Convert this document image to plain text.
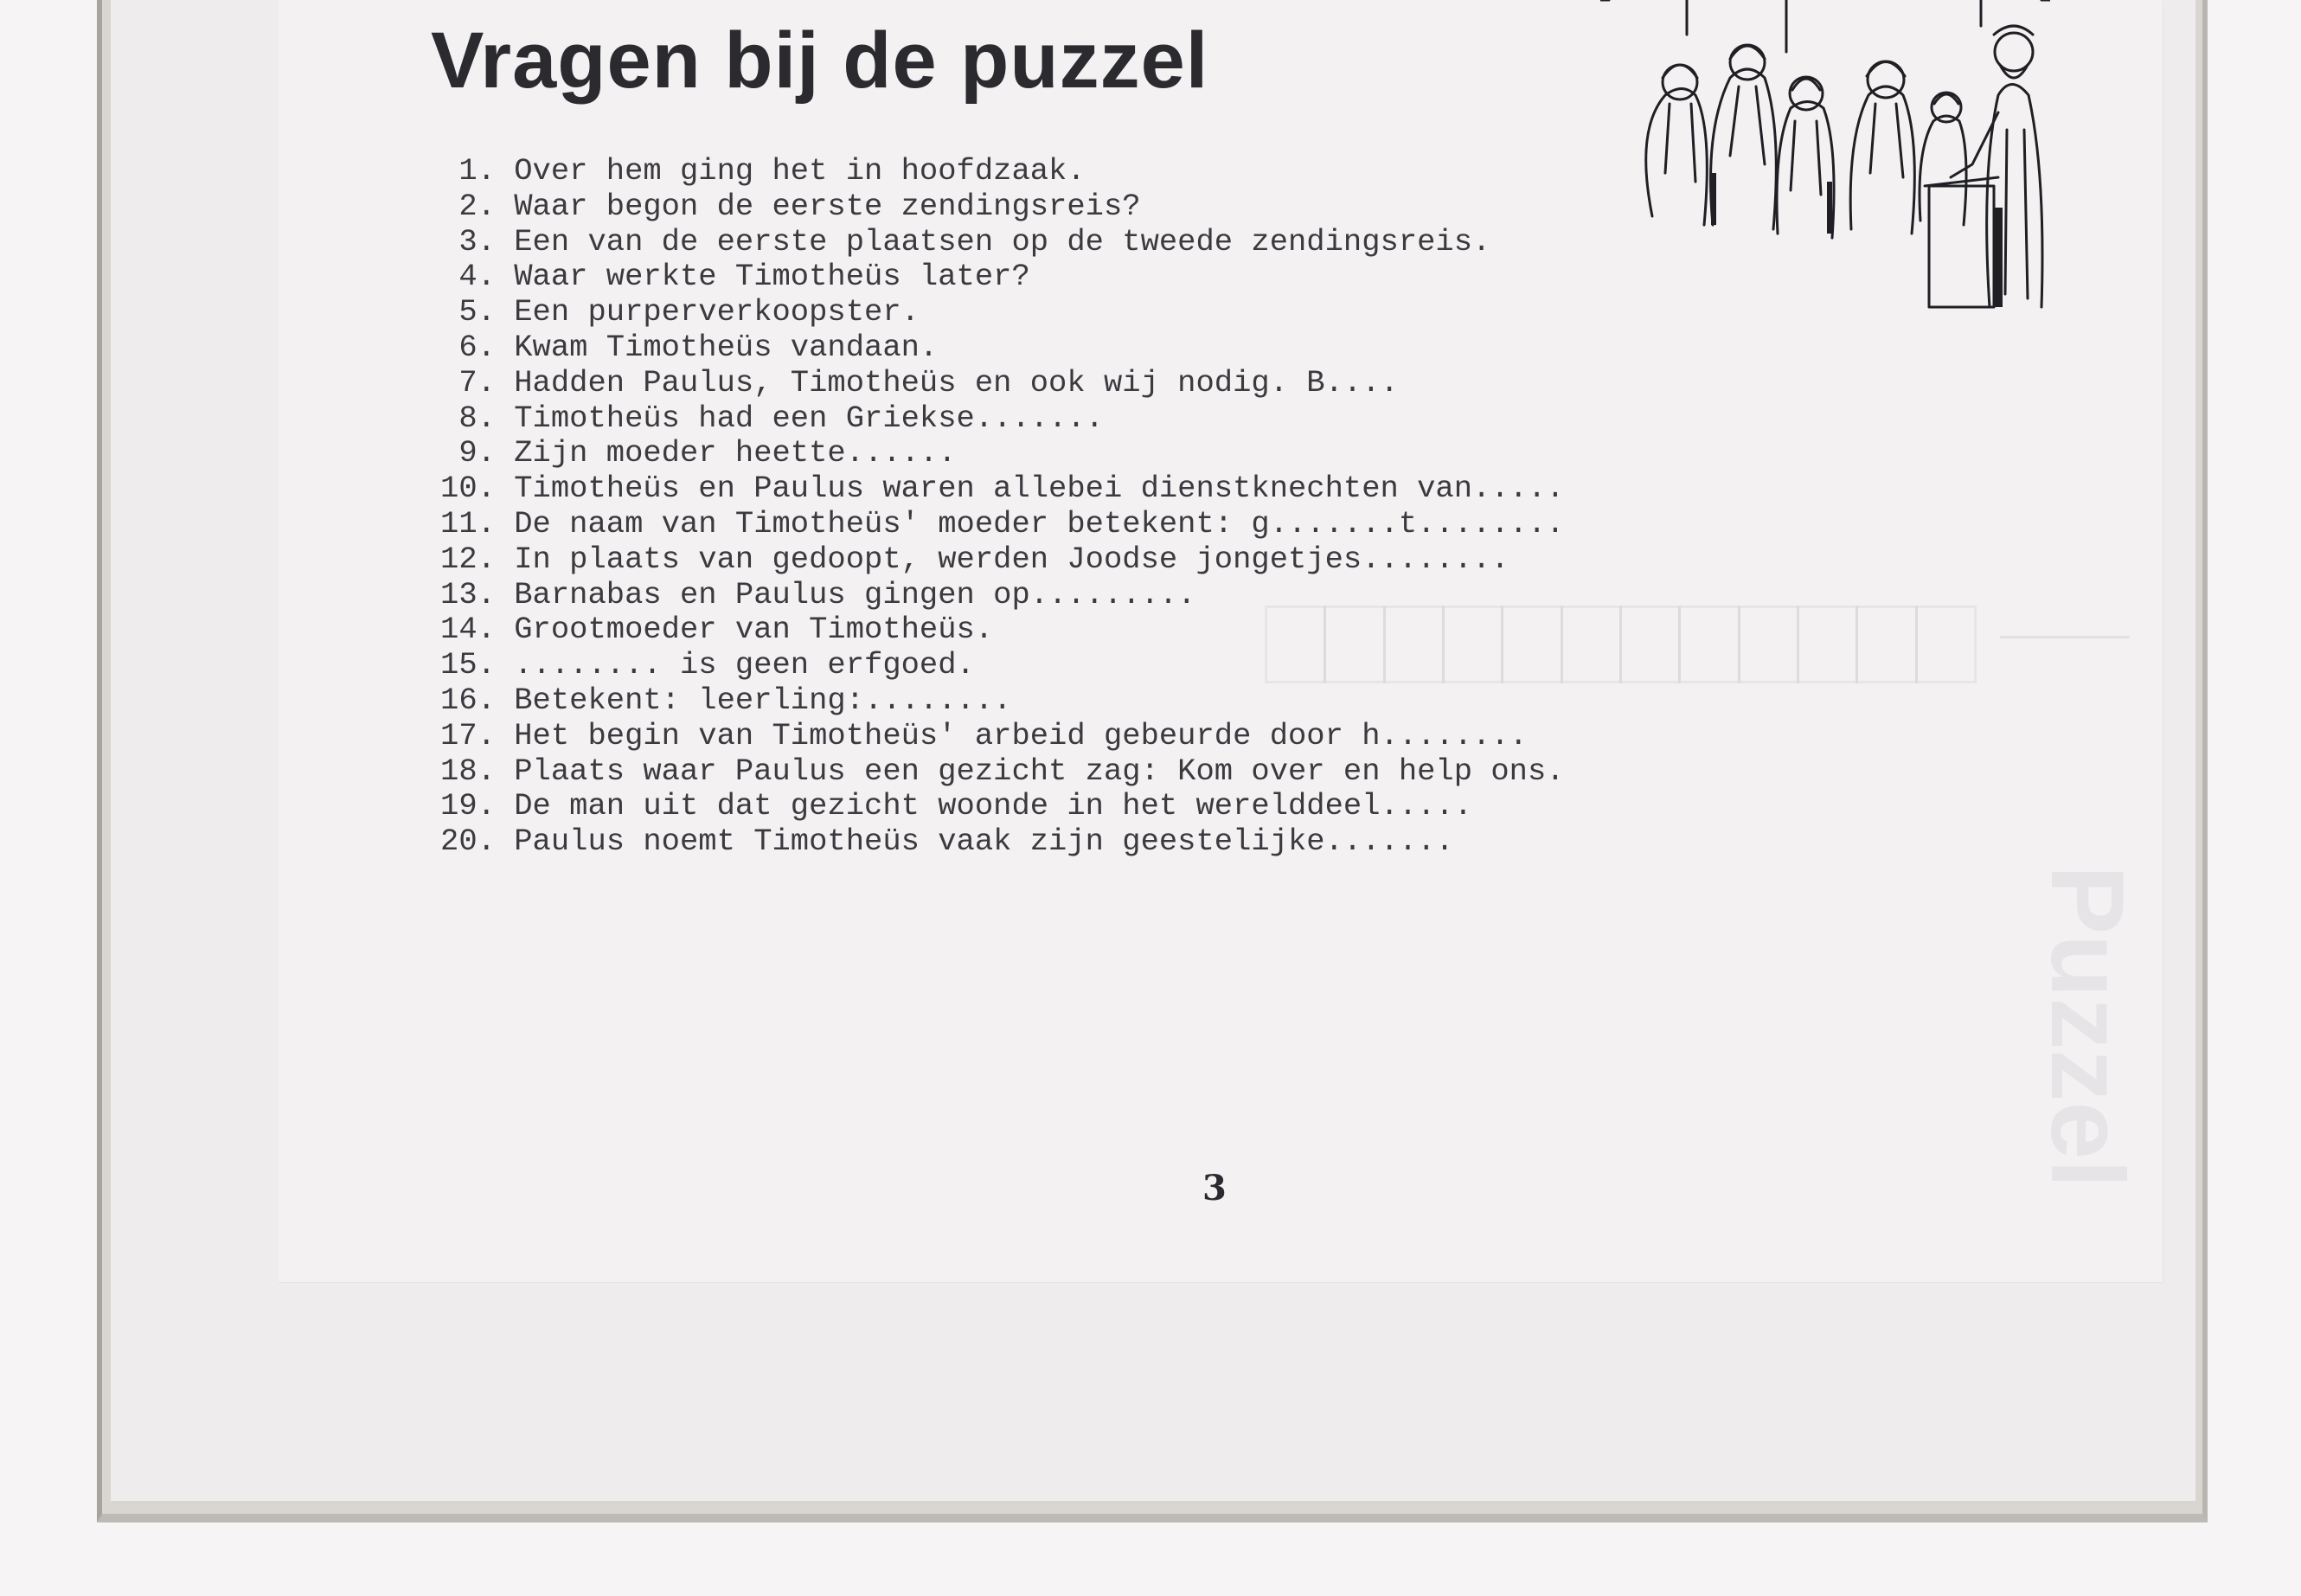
Puzzel
Vragen bij de puzzel
1. Over hem ging het in hoofdzaak.
2. Waar begon de eerste zendingsreis?
3. Een van de eerste plaatsen op de tweede zendingsreis.
4. Waar werkte Timotheüs later?
5. Een purperverkoopster.
6. Kwam Timotheüs vandaan.
7. Hadden Paulus, Timotheüs en ook wij nodig. B....
8. Timotheüs had een Griekse.......
9. Zijn moeder heette......
10. Timotheüs en Paulus waren allebei dienstknechten van.....
11. De naam van Timotheüs' moeder betekent: g.......t........
12. In plaats van gedoopt, werden Joodse jongetjes........
13. Barnabas en Paulus gingen op.........
14. Grootmoeder van Timotheüs.
15. ........ is geen erfgoed.
16. Betekent: leerling:........
17. Het begin van Timotheüs' arbeid gebeurde door h........
18. Plaats waar Paulus een gezicht zag: Kom over en help ons.
19. De man uit dat gezicht woonde in het werelddeel.....
20. Paulus noemt Timotheüs vaak zijn geestelijke.......
3
